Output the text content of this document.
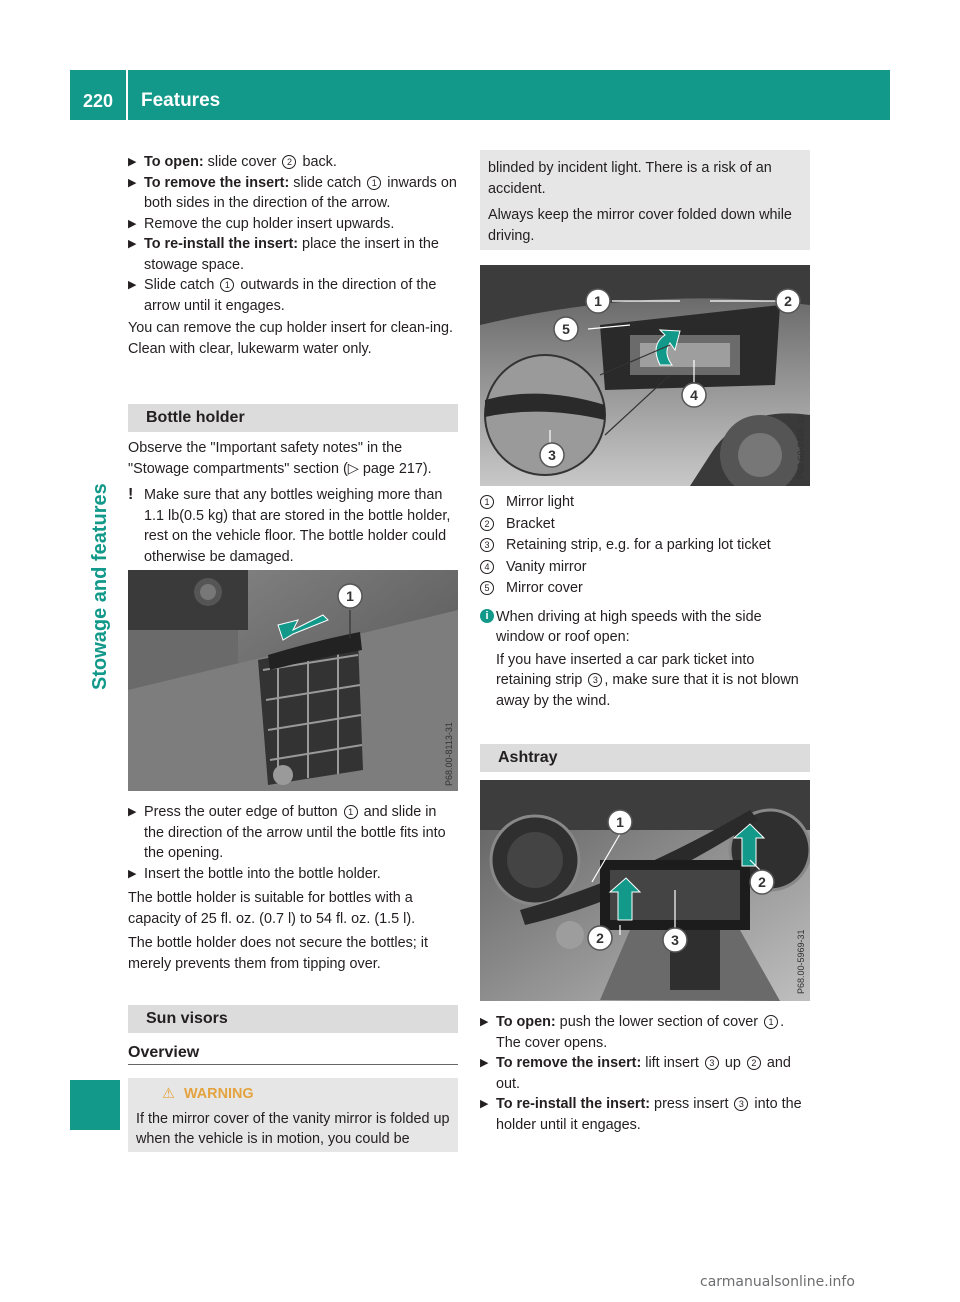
220	Features
Stowage and features
▶ To open: slide cover 2 back.
▶ To remove the insert: slide catch 1 inwards on both sides in the direction of the arrow.
▶ Remove the cup holder insert upwards.
▶ To re-install the insert: place the insert in the stowage space.
▶ Slide catch 1 outwards in the direction of the arrow until it engages.
You can remove the cup holder insert for clean-ing. Clean with clear, lukewarm water only.
Bottle holder
Observe the "Important safety notes" in the "Stowage compartments" section (▷ page 217).
! Make sure that any bottles weighing more than 1.1 lb(0.5 kg) that are stored in the bottle holder, rest on the vehicle floor. The bottle holder could otherwise be damaged.
1
P68.00-8113-31
▶ Press the outer edge of button 1 and slide in the direction of the arrow until the bottle fits into the opening.
▶ Insert the bottle into the bottle holder.
The bottle holder is suitable for bottles with a capacity of 25 fl. oz. (0.7 l) to 54 fl. oz. (1.5 l).
The bottle holder does not secure the bottles; it merely prevents them from tipping over.
Sun visors
Overview
⚠ WARNING
If the mirror cover of the vanity mirror is folded up when the vehicle is in motion, you could be
blinded by incident light. There is a risk of an accident.
Always keep the mirror cover folded down while driving.
1	2
3
4
5
P68.60-2486-31
1	Mirror light
2	Bracket
3	Retaining strip, e.g. for a parking lot ticket
4	Vanity mirror
5	Mirror cover
i When driving at high speeds with the side window or roof open:
If you have inserted a car park ticket into retaining strip 3 , make sure that it is not blown away by the wind.
Ashtray
1
2
2	3	P68.00-5969-31
▶ To open: push the lower section of cover 1 . The cover opens.
▶ To remove the insert: lift insert 3 up 2 and out.
▶ To re-install the insert: press insert 3 into the holder until it engages.
carmanualsonline.info
